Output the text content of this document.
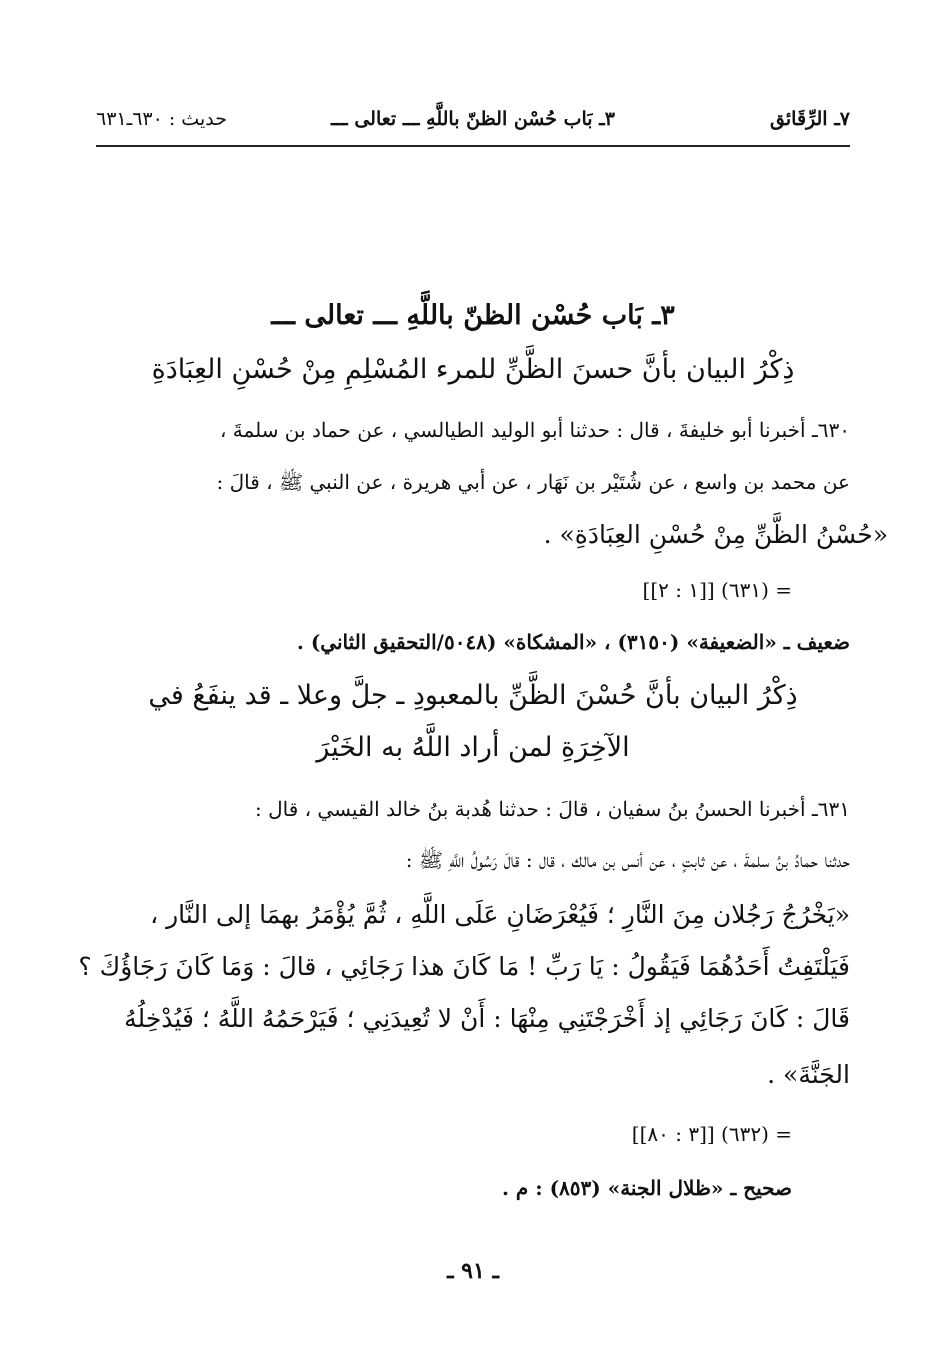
٧ـ الرِّقَائق
٣ـ بَاب حُسْن الظنّ باللَّهِ ـــ تعالى ـــ
حديث : ٦٣٠ـ٦٣١
٣ـ بَاب حُسْن الظنّ باللَّهِ ـــ تعالى ـــ
ذِكْرُ البيان بأنَّ حسنَ الظَّنِّ للمرء المُسْلِمِ مِنْ حُسْنِ العِبَادَةِ
٦٣٠ـ أخبرنا أبو خليفةَ ، قال : حدثنا أبو الوليد الطيالسي ، عن حماد بن سلمةَ ،
عن محمد بن واسع ، عن شُتَيْر بن نَهَار ، عن أبي هريرة ، عن النبي ﷺ ، قالَ :
«حُسْنُ الظَّنِّ مِنْ حُسْنِ العِبَادَةِ» .
= (٦٣١) [[١ : ٢]]
ضعيف ـ «الضعيفة» (٣١٥٠) ، «المشكاة» (٥٠٤٨/التحقيق الثاني) .
ذِكْرُ البيان بأنَّ حُسْنَ الظَّنِّ بالمعبودِ ـ جلَّ وعلا ـ قد ينفَعُ في
الآخِرَةِ لمن أراد اللَّهُ به الخَيْرَ
٦٣١ـ أخبرنا الحسنُ بنُ سفيان ، قالَ : حدثنا هُدبة بنُ خالد القيسي ، قال :
حدثنا حمادُ بنُ سلمةَ ، عن ثابتٍ ، عن أنس بن مالك ، قال : قالَ رَسُولُ اللَّهِ ﷺ :
«يَخْرُجُ رَجُلان مِنَ النَّارِ ؛ فَيُعْرَضَانِ عَلَى اللَّهِ ، ثُمَّ يُؤْمَرُ بهمَا إلى النَّار ،
فَيَلْتَفِتُ أَحَدُهُمَا فَيَقُولُ : يَا رَبِّ ! مَا كَانَ هذا رَجَائِي ، قالَ : وَمَا كَانَ رَجَاؤُكَ ؟
قَالَ : كَانَ رَجَائِي إذ أَخْرَجْتَنِي مِنْهَا : أَنْ لا تُعِيدَنِي ؛ فَيَرْحَمُهُ اللَّهُ ؛ فَيُدْخِلُهُ
الجَنَّةَ» .
= (٦٣٢) [[٣ : ٨٠]]
صحيح ـ «ظلال الجنة» (٨٥٣) : م .
ـ ٩١ ـ
